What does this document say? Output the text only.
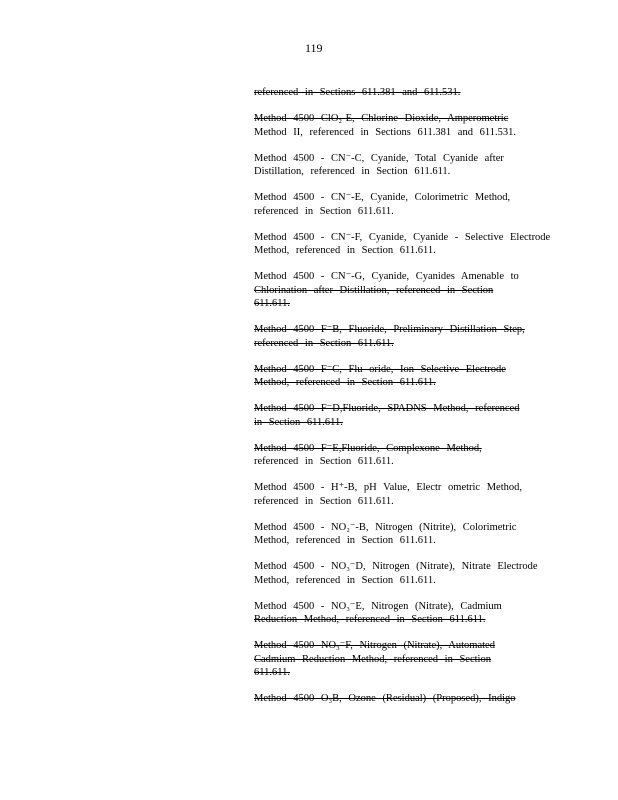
119
referenced in Sections 611.381 and 611.531.
Method 4500 ClO₂-E, Chlorine Dioxide, Amperometric
Method II, referenced in Sections 611.381 and 611.531.
Method 4500 - CN⁻-C, Cyanide, Total Cyanide after
Distillation, referenced in Section 611.611.
Method 4500 - CN⁻-E, Cyanide, Colorimetric Method,
referenced in Section 611.611.
Method 4500 - CN⁻-F, Cyanide, Cyanide - Selective Electrode
Method, referenced in Section 611.611.
Method 4500 - CN⁻-G, Cyanide, Cyanides Amenable to
Chlorination after Distillation, referenced in Section
611.611.
Method 4500 F⁻B, Fluoride, Preliminary Distillation Step,
referenced in Section 611.611.
Method 4500 F⁻C, Flu oride, Ion Selective Electrode
Method, referenced in Section 611.611.
Method 4500 F⁻D,Fluoride, SPADNS Method, referenced
in Section 611.611.
Method 4500 F⁻E,Fluoride, Complexone Method,
referenced in Section 611.611.
Method 4500 - H⁺-B, pH Value, Electr ometric Method,
referenced in Section 611.611.
Method 4500 - NO₂⁻-B, Nitrogen (Nitrite), Colorimetric
Method, referenced in Section 611.611.
Method 4500 - NO₃⁻D, Nitrogen (Nitrate), Nitrate Electrode
Method, referenced in Section 611.611.
Method 4500 - NO₃⁻E, Nitrogen (Nitrate), Cadmium
Reduction Method, referenced in Section 611.611.
Method 4500 NO₃⁻F, Nitrogen (Nitrate), Automated
Cadmium Reduction Method, referenced in Section
611.611.
Method 4500 O₃B, Ozone (Residual) (Proposed), Indigo
